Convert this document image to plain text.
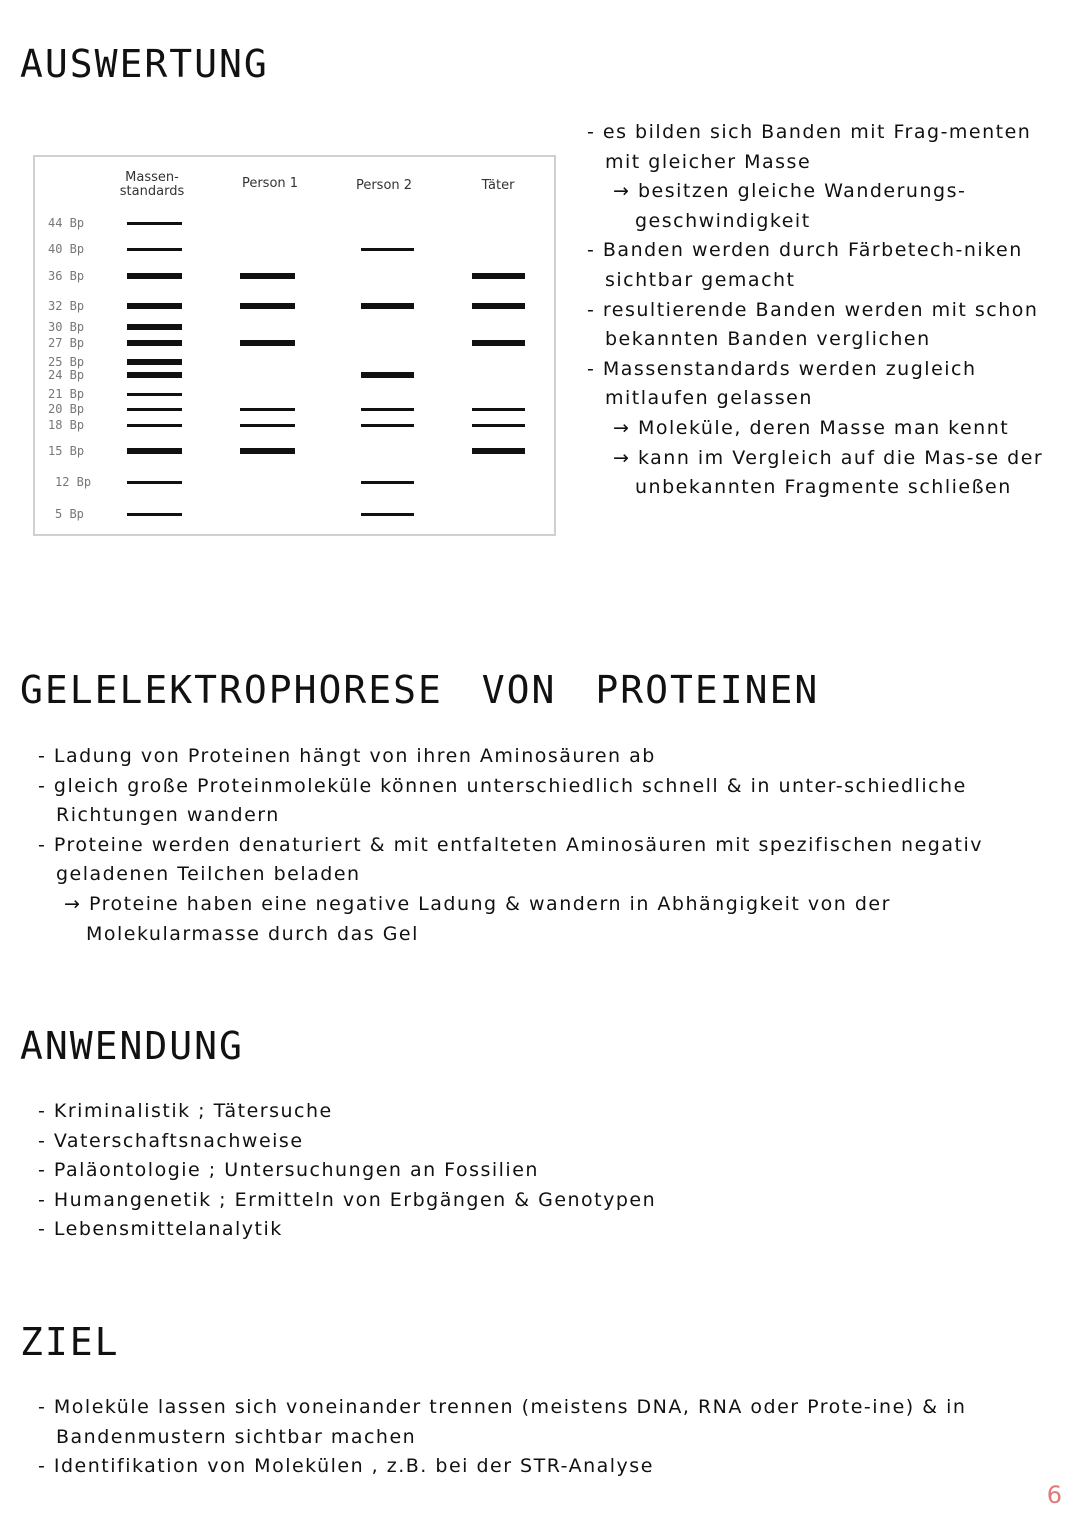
AUSWERTUNG
Massen-standards
Person 1	Person 2	Täter
44 Bp
40 Bp
36 Bp
32 Bp
30 Bp
27 Bp
25 Bp
24 Bp
21 Bp
20 Bp
18 Bp
15 Bp
12 Bp
5 Bp
- es bilden sich Banden mit Frag-menten mit gleicher Masse
→ besitzen gleiche Wanderungs-geschwindigkeit
- Banden werden durch Färbetech-niken sichtbar gemacht
- resultierende Banden werden mit schon bekannten Banden verglichen
- Massenstandards werden zugleich mitlaufen gelassen
→ Moleküle, deren Masse man kennt
→ kann im Vergleich auf die Mas-se der unbekannten Fragmente schließen
GELELEKTROPHORESE VON PROTEINEN
- Ladung von Proteinen hängt von ihren Aminosäuren ab
- gleich große Proteinmoleküle können unterschiedlich schnell & in unter-schiedliche Richtungen wandern
- Proteine werden denaturiert & mit entfalteten Aminosäuren mit spezifischen negativ geladenen Teilchen beladen
→ Proteine haben eine negative Ladung & wandern in Abhängigkeit von der Molekularmasse durch das Gel
ANWENDUNG
- Kriminalistik ; Tätersuche
- Vaterschaftsnachweise
- Paläontologie ; Untersuchungen an Fossilien
- Humangenetik ; Ermitteln von Erbgängen & Genotypen
- Lebensmittelanalytik
ZIEL
- Moleküle lassen sich voneinander trennen (meistens DNA, RNA oder Prote-ine) & in Bandenmustern sichtbar machen
- Identifikation von Molekülen , z.B. bei der STR-Analyse
6
